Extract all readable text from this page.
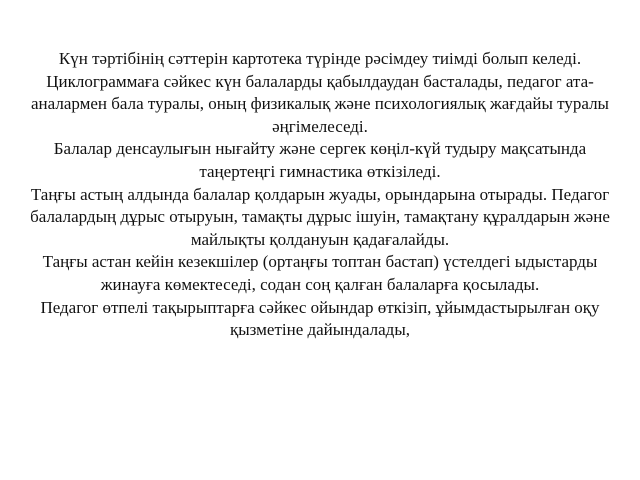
Күн тәртібінің сәттерін картотека түрінде рәсімдеу тиімді болып келеді. Циклограммаға сәйкес күн балаларды қабылдаудан басталады, педагог ата-аналармен бала туралы, оның физикалық және психологиялық жағдайы туралы әңгімелеседі.

Балалар денсаулығын нығайту және сергек көңіл-күй тудыру мақсатында таңертеңгі гимнастика өткізіледі.

Таңғы астың алдында балалар қолдарын жуады, орындарына отырады. Педагог балалардың дұрыс отыруын, тамақты дұрыс ішуін, тамақтану құралдарын және майлықты қолдануын қадағалайды.

Таңғы астан кейін кезекшілер (ортаңғы топтан бастап) үстелдегі ыдыстарды жинауға көмектеседі, содан соң қалған балаларға қосылады.

Педагог өтпелі тақырыптарға сәйкес ойындар өткізіп, ұйымдастырылған оқу қызметіне дайындалады,
